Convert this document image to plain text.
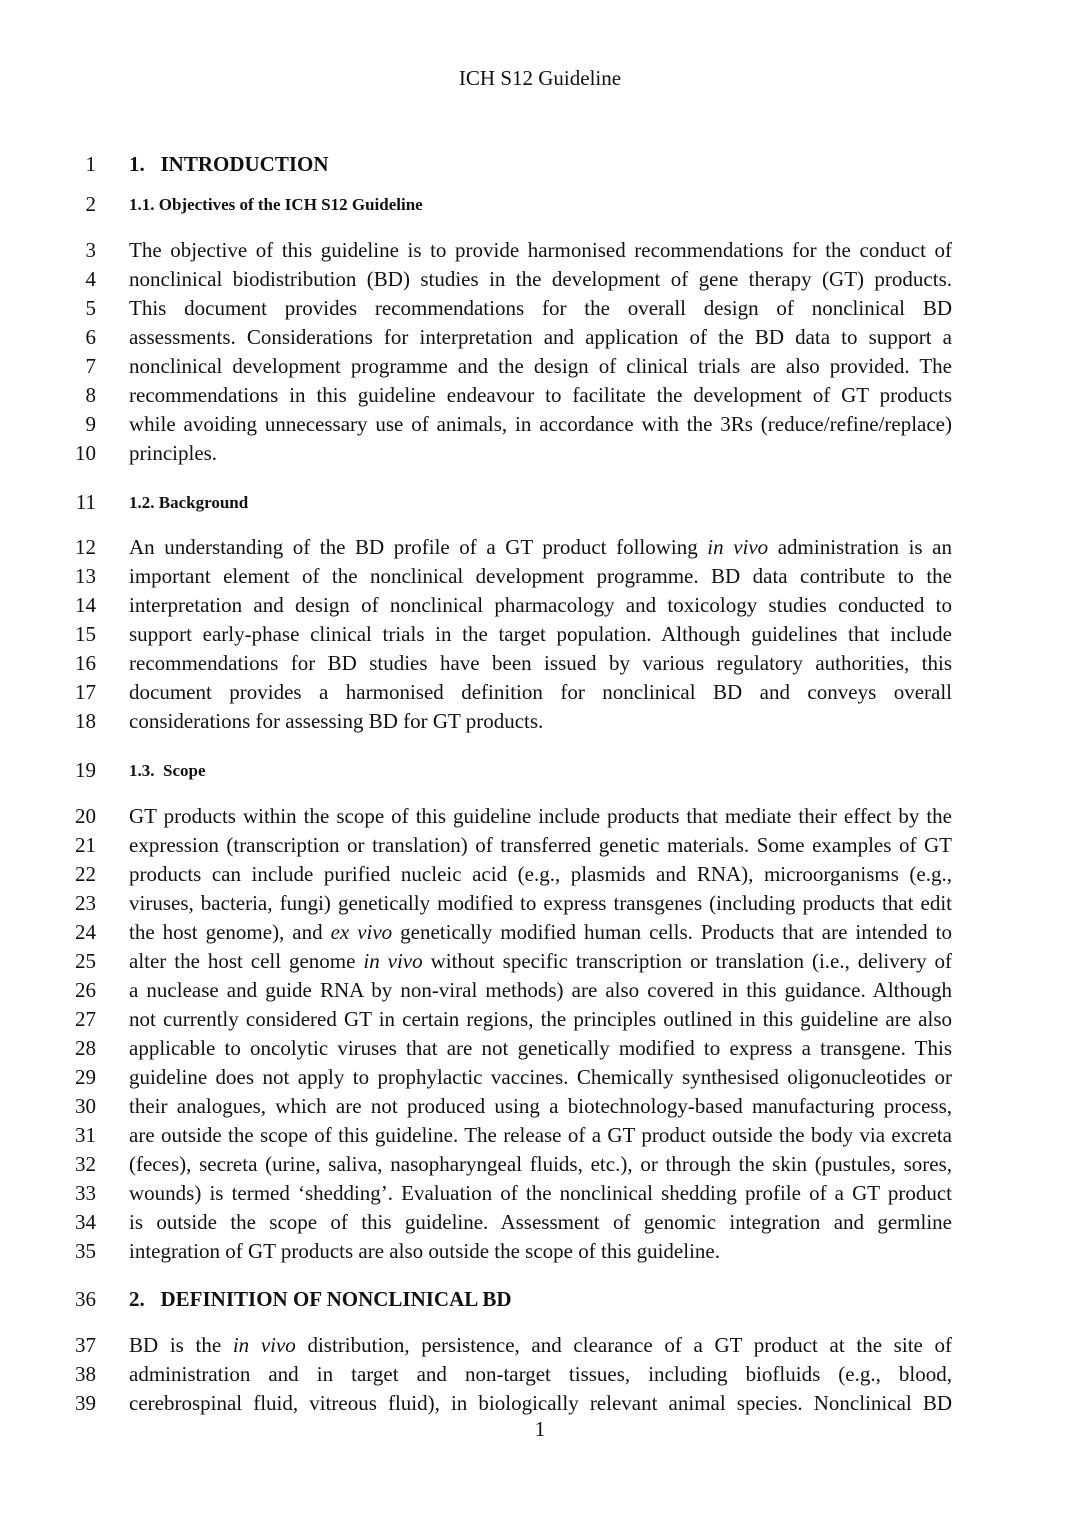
ICH S12 Guideline
1 1.   INTRODUCTION
2 1.1. Objectives of the ICH S12 Guideline
3 The objective of this guideline is to provide harmonised recommendations for the conduct of
4 nonclinical biodistribution (BD) studies in the development of gene therapy (GT) products.
5 This document provides recommendations for the overall design of nonclinical BD
6 assessments. Considerations for interpretation and application of the BD data to support a
7 nonclinical development programme and the design of clinical trials are also provided. The
8 recommendations in this guideline endeavour to facilitate the development of GT products
9 while avoiding unnecessary use of animals, in accordance with the 3Rs (reduce/refine/replace)
10 principles.
11 1.2. Background
12 An understanding of the BD profile of a GT product following in vivo administration is an
13 important element of the nonclinical development programme. BD data contribute to the
14 interpretation and design of nonclinical pharmacology and toxicology studies conducted to
15 support early-phase clinical trials in the target population. Although guidelines that include
16 recommendations for BD studies have been issued by various regulatory authorities, this
17 document provides a harmonised definition for nonclinical BD and conveys overall
18 considerations for assessing BD for GT products.
19 1.3.  Scope
20 GT products within the scope of this guideline include products that mediate their effect by the
21 expression (transcription or translation) of transferred genetic materials. Some examples of GT
22 products can include purified nucleic acid (e.g., plasmids and RNA), microorganisms (e.g.,
23 viruses, bacteria, fungi) genetically modified to express transgenes (including products that edit
24 the host genome), and ex vivo genetically modified human cells. Products that are intended to
25 alter the host cell genome in vivo without specific transcription or translation (i.e., delivery of
26 a nuclease and guide RNA by non-viral methods) are also covered in this guidance. Although
27 not currently considered GT in certain regions, the principles outlined in this guideline are also
28 applicable to oncolytic viruses that are not genetically modified to express a transgene. This
29 guideline does not apply to prophylactic vaccines. Chemically synthesised oligonucleotides or
30 their analogues, which are not produced using a biotechnology-based manufacturing process,
31 are outside the scope of this guideline. The release of a GT product outside the body via excreta
32 (feces), secreta (urine, saliva, nasopharyngeal fluids, etc.), or through the skin (pustules, sores,
33 wounds) is termed ‘shedding’. Evaluation of the nonclinical shedding profile of a GT product
34 is outside the scope of this guideline. Assessment of genomic integration and germline
35 integration of GT products are also outside the scope of this guideline.
36 2.   DEFINITION OF NONCLINICAL BD
37 BD is the in vivo distribution, persistence, and clearance of a GT product at the site of
38 administration and in target and non-target tissues, including biofluids (e.g., blood,
39 cerebrospinal fluid, vitreous fluid), in biologically relevant animal species. Nonclinical BD
1
